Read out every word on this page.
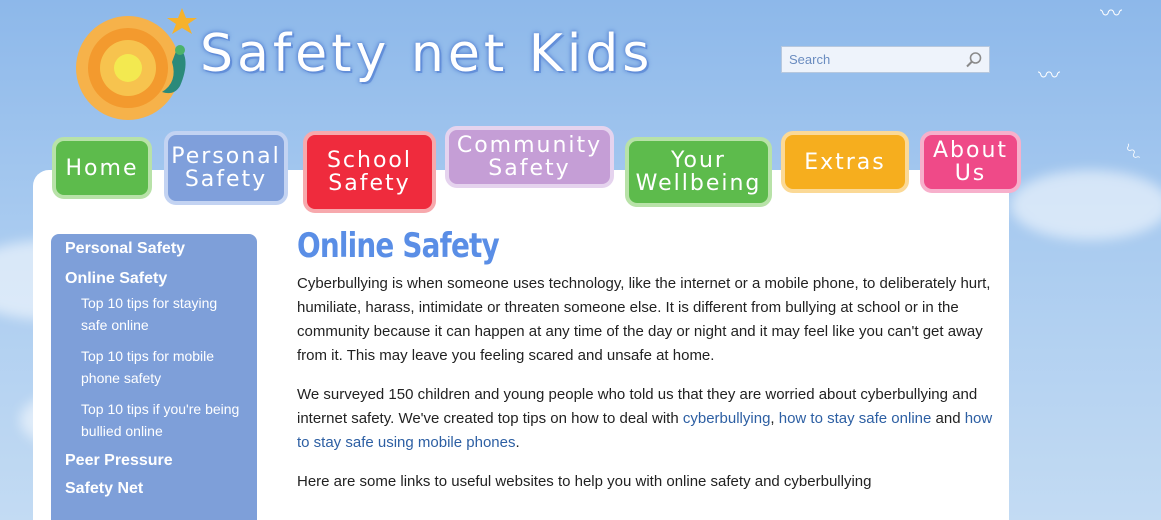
〰
〰
〰
Safety net Kids
Search
Home Personal
Safety
School
Safety
Community
Safety	Your
Wellbeing
Extras About
Us
Personal Safety
Online Safety
Top 10 tips for staying safe online
Top 10 tips for mobile phone safety
Top 10 tips if you're being bullied online
Peer Pressure
Safety Net
Online Safety

Cyberbullying is when someone uses technology, like the internet or a mobile phone, to deliberately hurt, humiliate, harass, intimidate or threaten someone else. It is different from bullying at school or in the community because it can happen at any time of the day or night and it may feel like you can't get away from it. This may leave you feeling scared and unsafe at home.

We surveyed 150 children and young people who told us that they are worried about cyberbullying and internet safety. We've created top tips on how to deal with cyberbullying, how to stay safe online and how to stay safe using mobile phones.

Here are some links to useful websites to help you with online safety and cyberbullying
